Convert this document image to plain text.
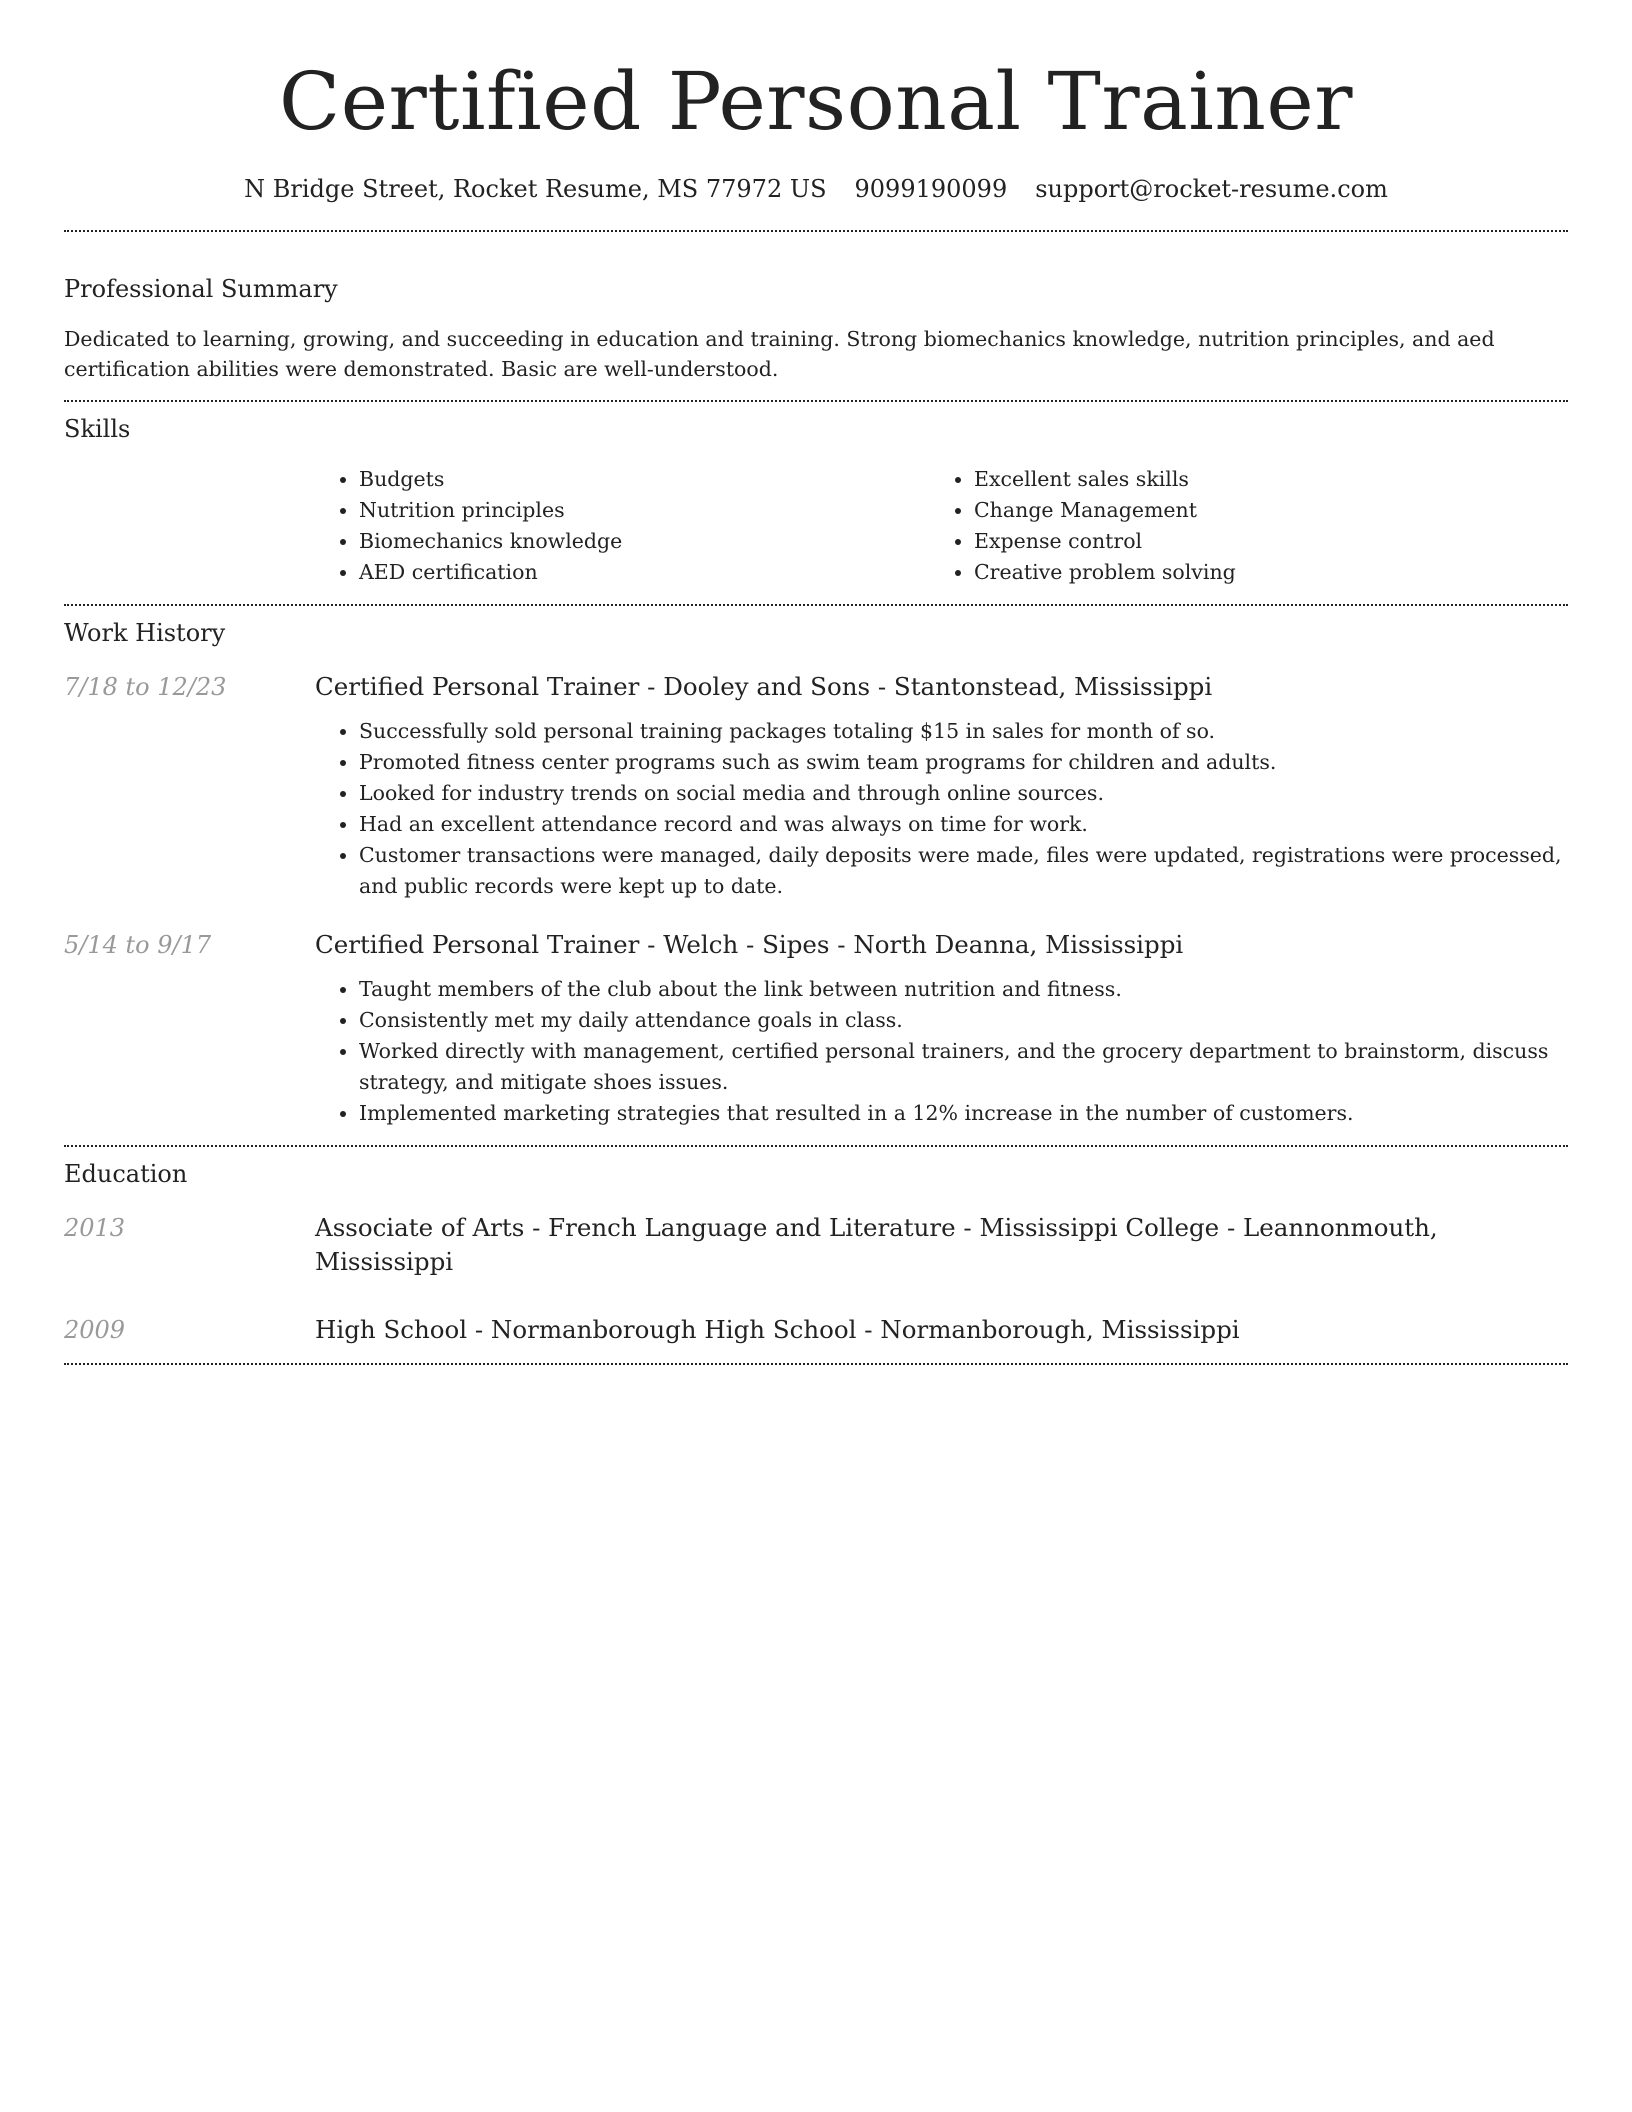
Certified Personal Trainer
N Bridge Street, Rocket Resume, MS 77972 US 9099190099 support@rocket-resume.com
Professional Summary

Dedicated to learning, growing, and succeeding in education and training. Strong biomechanics knowledge, nutrition principles, and aed certification abilities were demonstrated. Basic are well-understood.

Skills
• Budgets
• Nutrition principles
• Biomechanics knowledge
• AED certification
• Excellent sales skills
• Change Management
• Expense control
• Creative problem solving
Work History
7/18 to 12/23	Certified Personal Trainer - Dooley and Sons - Stantonstead, Mississippi
• Successfully sold personal training packages totaling $15 in sales for month of so.
• Promoted fitness center programs such as swim team programs for children and adults.
• Looked for industry trends on social media and through online sources.
• Had an excellent attendance record and was always on time for work.
• Customer transactions were managed, daily deposits were made, files were updated, registrations were processed, and public records were kept up to date.
5/14 to 9/17	Certified Personal Trainer - Welch - Sipes - North Deanna, Mississippi
• Taught members of the club about the link between nutrition and fitness.
• Consistently met my daily attendance goals in class.
• Worked directly with management, certified personal trainers, and the grocery department to brainstorm, discuss strategy, and mitigate shoes issues.
• Implemented marketing strategies that resulted in a 12% increase in the number of customers.
Education
2013	Associate of Arts - French Language and Literature - Mississippi College - Leannonmouth, Mississippi
2009	High School - Normanborough High School - Normanborough, Mississippi
